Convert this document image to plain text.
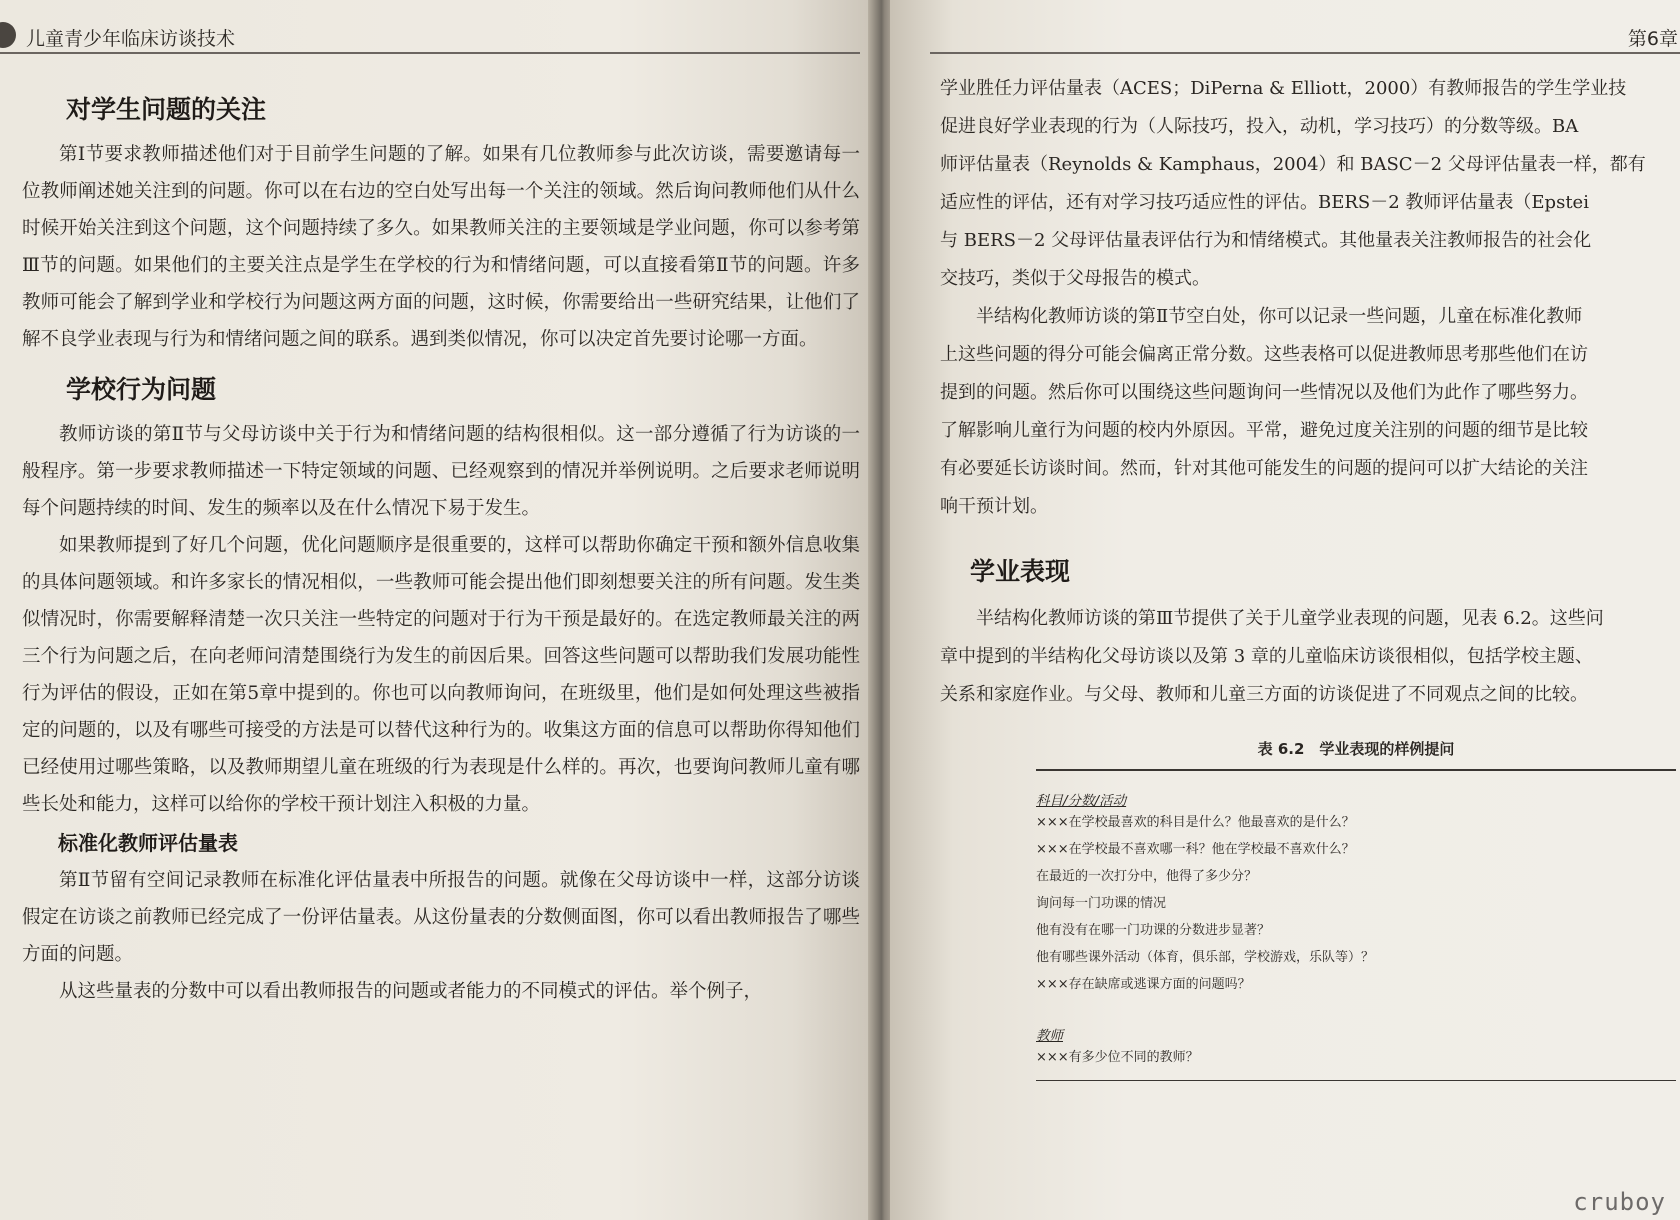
儿童青少年临床访谈技术
对学生问题的关注

第Ⅰ节要求教师描述他们对于目前学生问题的了解。如果有几位教师参与此次访谈，需要邀请每一位教师阐述她关注到的问题。你可以在右边的空白处写出每一个关注的领域。然后询问教师他们从什么时候开始关注到这个问题，这个问题持续了多久。如果教师关注的主要领域是学业问题，你可以参考第Ⅲ节的问题。如果他们的主要关注点是学生在学校的行为和情绪问题，可以直接看第Ⅱ节的问题。许多教师可能会了解到学业和学校行为问题这两方面的问题，这时候，你需要给出一些研究结果，让他们了解不良学业表现与行为和情绪问题之间的联系。遇到类似情况，你可以决定首先要讨论哪一方面。

学校行为问题

教师访谈的第Ⅱ节与父母访谈中关于行为和情绪问题的结构很相似。这一部分遵循了行为访谈的一般程序。第一步要求教师描述一下特定领域的问题、已经观察到的情况并举例说明。之后要求老师说明每个问题持续的时间、发生的频率以及在什么情况下易于发生。

如果教师提到了好几个问题，优化问题顺序是很重要的，这样可以帮助你确定干预和额外信息收集的具体问题领域。和许多家长的情况相似，一些教师可能会提出他们即刻想要关注的所有问题。发生类似情况时，你需要解释清楚一次只关注一些特定的问题对于行为干预是最好的。在选定教师最关注的两三个行为问题之后，在向老师问清楚围绕行为发生的前因后果。回答这些问题可以帮助我们发展功能性行为评估的假设，正如在第5章中提到的。你也可以向教师询问，在班级里，他们是如何处理这些被指定的问题的，以及有哪些可接受的方法是可以替代这种行为的。收集这方面的信息可以帮助你得知他们已经使用过哪些策略，以及教师期望儿童在班级的行为表现是什么样的。再次，也要询问教师儿童有哪些长处和能力，这样可以给你的学校干预计划注入积极的力量。

标准化教师评估量表

第Ⅱ节留有空间记录教师在标准化评估量表中所报告的问题。就像在父母访谈中一样，这部分访谈假定在访谈之前教师已经完成了一份评估量表。从这份量表的分数侧面图，你可以看出教师报告了哪些方面的问题。

从这些量表的分数中可以看出教师报告的问题或者能力的不同模式的评估。举个例子，

第6章

学业胜任力评估量表（ACES；DiPerna & Elliott，2000）有教师报告的学生学业技

促进良好学业表现的行为（人际技巧，投入，动机，学习技巧）的分数等级。BA

师评估量表（Reynolds & Kamphaus，2004）和 BASC－2 父母评估量表一样，都有

适应性的评估，还有对学习技巧适应性的评估。BERS－2 教师评估量表（Epstei

与 BERS－2 父母评估量表评估行为和情绪模式。其他量表关注教师报告的社会化

交技巧，类似于父母报告的模式。

半结构化教师访谈的第Ⅱ节空白处，你可以记录一些问题，儿童在标准化教师

上这些问题的得分可能会偏离正常分数。这些表格可以促进教师思考那些他们在访

提到的问题。然后你可以围绕这些问题询问一些情况以及他们为此作了哪些努力。

了解影响儿童行为问题的校内外原因。平常，避免过度关注别的问题的细节是比较

有必要延长访谈时间。然而，针对其他可能发生的问题的提问可以扩大结论的关注

响干预计划。

学业表现

半结构化教师访谈的第Ⅲ节提供了关于儿童学业表现的问题，见表 6.2。这些问

章中提到的半结构化父母访谈以及第 3 章的儿童临床访谈很相似，包括学校主题、

关系和家庭作业。与父母、教师和儿童三方面的访谈促进了不同观点之间的比较。

表 6.2　学业表现的样例提问
科目/分数/活动
×××在学校最喜欢的科目是什么？他最喜欢的是什么？
×××在学校最不喜欢哪一科？他在学校最不喜欢什么？
在最近的一次打分中，他得了多少分？
询问每一门功课的情况
他有没有在哪一门功课的分数进步显著？
他有哪些课外活动（体育，俱乐部，学校游戏，乐队等）？
×××存在缺席或逃课方面的问题吗？
教师
×××有多少位不同的教师？
cruboy
